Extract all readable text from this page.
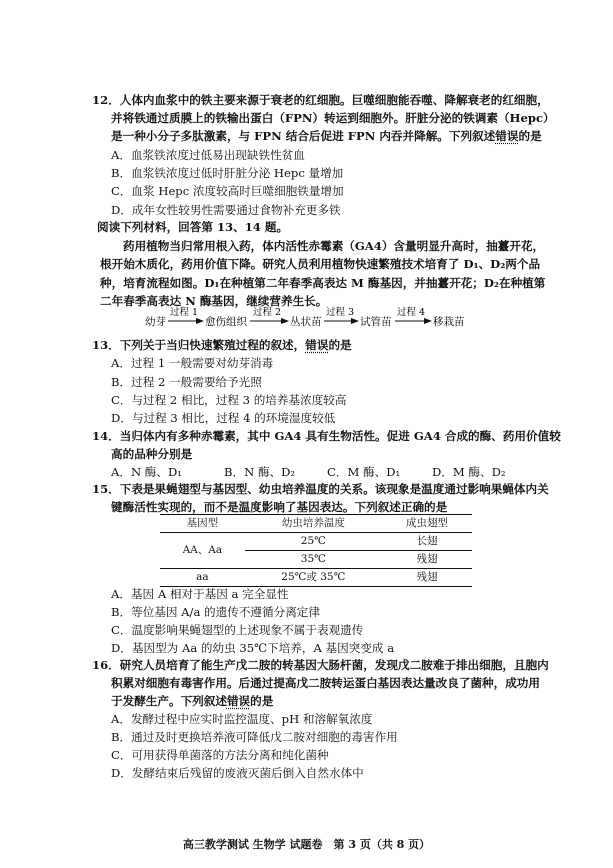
12．人体内血浆中的铁主要来源于衰老的红细胞。巨噬细胞能吞噬、降解衰老的红细胞，
并将铁通过质膜上的铁输出蛋白（FPN）转运到细胞外。肝脏分泌的铁调素（Hepc）
是一种小分子多肽激素，与 FPN 结合后促进 FPN 内吞并降解。下列叙述错误的是
A．血浆铁浓度过低易出现缺铁性贫血
B．血浆铁浓度过低时肝脏分泌 Hepc 量增加
C．血浆 Hepc 浓度较高时巨噬细胞铁量增加
D．成年女性较男性需要通过食物补充更多铁
阅读下列材料，回答第 13、14 题。
药用植物当归常用根入药，体内活性赤霉素（GA4）含量明显升高时，抽薹开花，
根开始木质化，药用价值下降。研究人员利用植物快速繁殖技术培育了 D₁、D₂两个品
种，培育流程如图。D₁在种植第二年春季高表达 M 酶基因，并抽薹开花；D₂在种植第
二年春季高表达 N 酶基因，继续营养生长。
幼芽	愈伤组织	丛状苗	试管苗	移栽苗
过程 1	过程 2	过程 3	过程 4
13．下列关于当归快速繁殖过程的叙述，错误的是
A．过程 1 一般需要对幼芽消毒
B．过程 2 一般需要给予光照
C．与过程 2 相比，过程 3 的培养基浓度较高
D．与过程 3 相比，过程 4 的环境湿度较低
14．当归体内有多种赤霉素，其中 GA4 具有生物活性。促进 GA4 合成的酶、药用价值较
高的品种分别是
A．N 酶、D₁	B．N 酶、D₂	C．M 酶、D₁	D．M 酶、D₂
15．下表是果蝇翅型与基因型、幼虫培养温度的关系。该现象是温度通过影响果蝇体内关
键酶活性实现的，而不是温度影响了基因表达。下列叙述正确的是
基因型	幼虫培养温度	成虫翅型
AA、Aa	25℃	长翅
	35℃	残翅
aa	25℃或 35℃	残翅
A．基因 A 相对于基因 a 完全显性
B．等位基因 A/a 的遗传不遵循分离定律
C．温度影响果蝇翅型的上述现象不属于表观遗传
D．基因型为 Aa 的幼虫 35℃下培养，A 基因突变成 a
16．研究人员培育了能生产戊二胺的转基因大肠杆菌，发现戊二胺难于排出细胞，且胞内
积累对细胞有毒害作用。后通过提高戊二胺转运蛋白基因表达量改良了菌种，成功用
于发酵生产。下列叙述错误的是
A．发酵过程中应实时监控温度、pH 和溶解氧浓度
B．通过及时更换培养液可降低戊二胺对细胞的毒害作用
C．可用获得单菌落的方法分离和纯化菌种
D．发酵结束后残留的废液灭菌后倒入自然水体中
高三教学测试 生物学 试题卷　第 3 页（共 8 页）
